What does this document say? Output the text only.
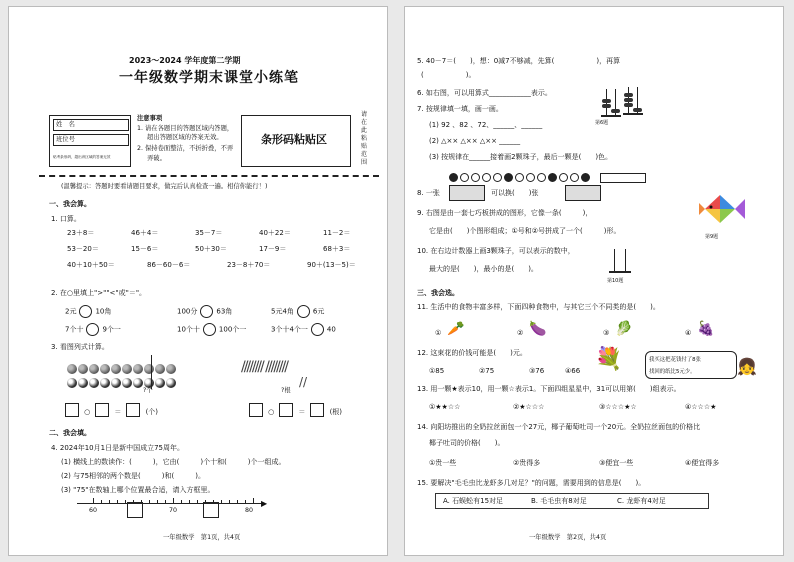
2023～2024 学年度第二学期
一年级数学期末课堂小练笔
姓　名
班位号
贴考条形码，超出该区域的答案无效
注意事项
1. 请在各题目的答题区域内答题，
超出答题区域的答案无效。
2. 保持卷面整洁，不折折叠，不弄
弄破。
条形码粘贴区
请在此粘贴范围
(温馨提示：答题时要看请题目要求，做完后认真检查一遍。相信你能行！)
一、我会算。
1. 口算。
2. 在○里填上">""<"或"＝"。
3. 看图列式计算。
?个
○	＝	(个)
//////// ////////
//
?根
○	＝	(根)
二、我会填。
4. 2024年10月1日是新中国成立75周年。
(1) 横线上的数读作：(　　　)，它由(　　　)个十和(　　　)个一组成。
(2) 与75相邻的两个数是(　　　)和(　　　)。
(3) "75"在数轴上哪个位置最合适，请入方框里。
▶
60	70	80
一年级数学　第1页，共4页
23＋8＝	46＋4＝	35－7＝	40＋22＝	11－2＝
53－20＝	15－6＝	50＋30＝	17－9＝	68＋3＝
40＋10＋50＝	86－60－6＝	23－8＋70＝	90＋(13－5)＝
2元	10角	100分	63角	5元4角	6元
7个十	9个一	10个十	100个一	3个十4个一	40
5. 40－7＝(　　)，想：0减7不够减，先算(　　　　　　)，再算
(　　　　　　)。
6. 如右图，可以用算式____________表示。
第6题
7. 按规律填一填，画一画。
(1) 92 、82 、72、______、______
(2) △×× △×× △×× ______
(3) 按规律在______接着画2颗珠子，最后一颗是(　　)色。

8. 一张	可以换(　　)张
9. 右图是由一套七巧板拼成的图形，它像一条(　　　)，
它是由(　　)个图形组成；①号和②号拼成了一个(　　　)形。
第9题
10. 在右边计数器上画3颗珠子，可以表示的数中，
最大的是(　　)，最小的是(　　)。
第10题
三、我会选。
11. 生活中的食物丰富多样，下面四种食物中，与其它三个不同类的是(　　)。
① 🥕	② 🍆	③ 🥬	④ 🍇
12. 这束花的价钱可能是(　　)元。
①85	②75	③76	④66 💐	我买这把花钱付了8张
找回的纸比5元少。	👧
13. 用一颗★表示10，用一颗☆表示1。下面四组星星中，31可以用第(　　)组表示。
①★★☆☆	②★☆☆☆	③☆☆☆★☆	④☆☆☆★
14. 向阳坊推出的全奶拉丝面包一个27元，椰子葡萄吐司一个20元。全奶拉丝面包的价格比
椰子吐司的价格(　　)。
①贵一些	②贵得多	③便宜一些	④便宜得多
15. 要解决"毛毛虫比龙虾多几对足？"的问题，需要用到的信息是(　　)。
A. 石蜈蚣有15对足	B. 毛毛虫有8对足	C. 龙虾有4对足
一年级数学　第2页，共4页
